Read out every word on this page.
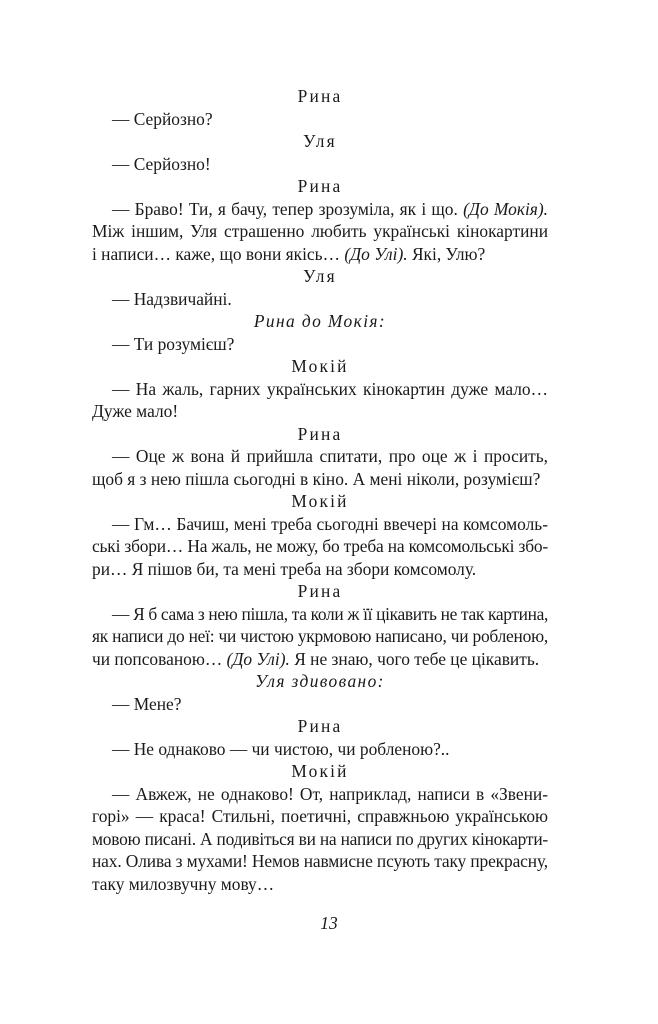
Рина
— Серйозно?
Уля
— Серйозно!
Рина
— Браво! Ти, я бачу, тепер зрозуміла, як і що. (До Мокія).
Між іншим, Уля страшенно любить українські кінокартини
і написи… каже, що вони якісь… (До Улі). Які, Улю?
Уля
— Надзвичайні.
Рина до Мокія:
— Ти розумієш?
Мокій
— На жаль, гарних українських кінокартин дуже мало…
Дуже мало!
Рина
— Оце ж вона й прийшла спитати, про оце ж і просить,
щоб я з нею пішла сьогодні в кіно. А мені ніколи, розумієш?
Мокій
— Гм… Бачиш, мені треба сьогодні ввечері на комсомоль-
ські збори… На жаль, не можу, бо треба на комсомольські збо-
ри… Я пішов би, та мені треба на збори комсомолу.
Рина
— Я б сама з нею пішла, та коли ж її цікавить не так картина,
як написи до неї: чи чистою укрмовою написано, чи робленою,
чи попсованою… (До Улі). Я не знаю, чого тебе це цікавить.
Уля здивовано:
— Мене?
Рина
— Не однаково — чи чистою, чи робленою?..
Мокій
— Авжеж, не однаково! От, наприклад, написи в «Звени-
горі» — краса! Стильні, поетичні, справжньою українською
мовою писані. А подивіться ви на написи по других кінокарти-
нах. Олива з мухами! Немов навмисне псують таку прекрасну,
таку милозвучну мову…
13
